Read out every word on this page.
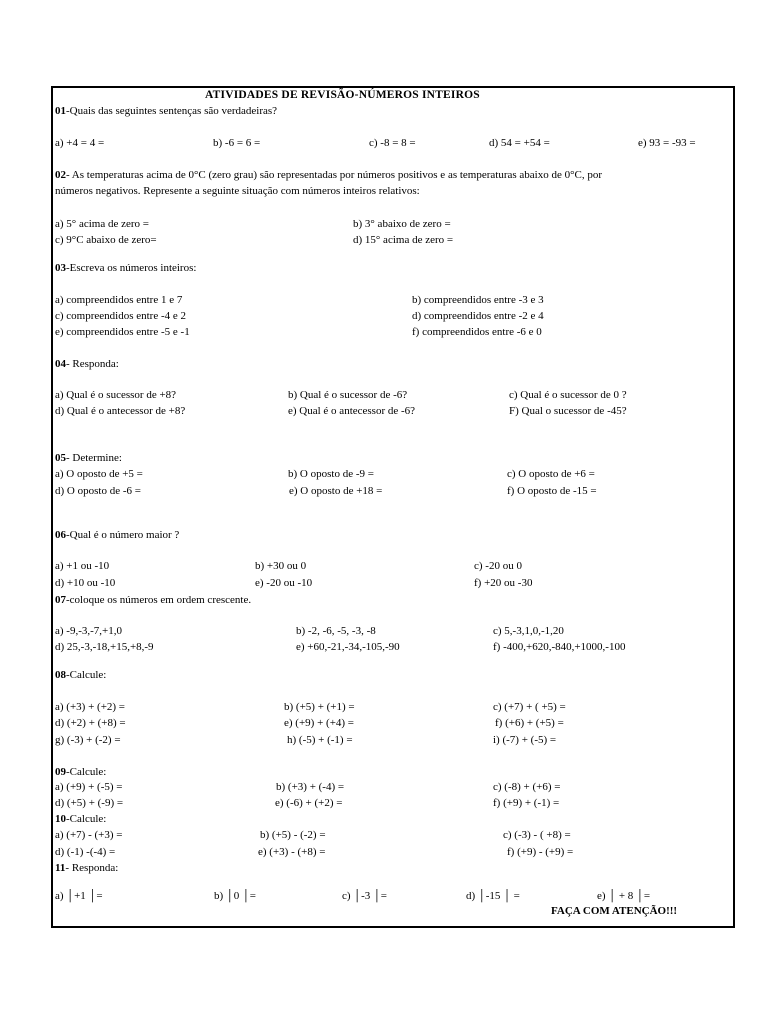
ATIVIDADES DE REVISÃO-NÚMEROS INTEIROS
01-Quais das seguintes sentenças são verdadeiras?
a) +4 = 4 =	b) -6 = 6 =	c) -8 = 8 =	d) 54 = +54 =	e) 93 = -93 =
02- As temperaturas acima de 0°C (zero grau) são representadas por números positivos e as temperaturas abaixo de 0°C, por
números negativos. Represente a seguinte situação com números inteiros relativos:
a) 5° acima de zero =	b) 3° abaixo de zero =
c) 9°C abaixo de zero=	d) 15° acima de zero =
03-Escreva os números inteiros:
a) compreendidos entre 1 e 7	b) compreendidos entre -3 e 3
c) compreendidos entre -4 e 2	d) compreendidos entre -2 e 4
e) compreendidos entre -5 e -1	f) compreendidos entre -6 e 0
04- Responda:
a) Qual é o sucessor de +8?	b) Qual é o sucessor de -6?	c) Qual é o sucessor de 0 ?
d) Qual é o antecessor de +8?	e) Qual é o antecessor de -6?	F) Qual o sucessor de -45?
05- Determine:
a) O oposto de +5 =	b) O oposto de -9 =	c) O oposto de +6 =
d) O oposto de -6 =	e) O oposto de +18 =	f) O oposto de -15 =
06-Qual é o número maior ?
a) +1 ou -10	b) +30 ou 0	c) -20 ou 0
d) +10 ou -10	e) -20 ou -10	f) +20 ou -30
07-coloque os números em ordem crescente.
a) -9,-3,-7,+1,0	b) -2, -6, -5, -3, -8	c) 5,-3,1,0,-1,20
d) 25,-3,-18,+15,+8,-9	e) +60,-21,-34,-105,-90	f) -400,+620,-840,+1000,-100
08-Calcule:
a) (+3) + (+2) =	b) (+5) + (+1) =	c) (+7) + ( +5) =
d) (+2) + (+8) =	e) (+9) + (+4) =	f) (+6) + (+5) =
g) (-3) + (-2) =	h) (-5) + (-1) =	i) (-7) + (-5) =
09-Calcule:
a) (+9) + (-5) =	b) (+3) + (-4) =	c) (-8) + (+6) =
d) (+5) + (-9) =	e) (-6) + (+2) =	f) (+9) + (-1) =
10-Calcule:
a) (+7) - (+3) =	b) (+5) - (-2) =	c) (-3) - ( +8) =
d) (-1) -(-4) =	e) (+3) - (+8) =	f) (+9) - (+9) =
11- Responda:
a) │+1 │=	b) │0 │=	c) │-3 │=	d) │-15 │ =	e) │ + 8 │=
FAÇA COM ATENÇÃO!!!
